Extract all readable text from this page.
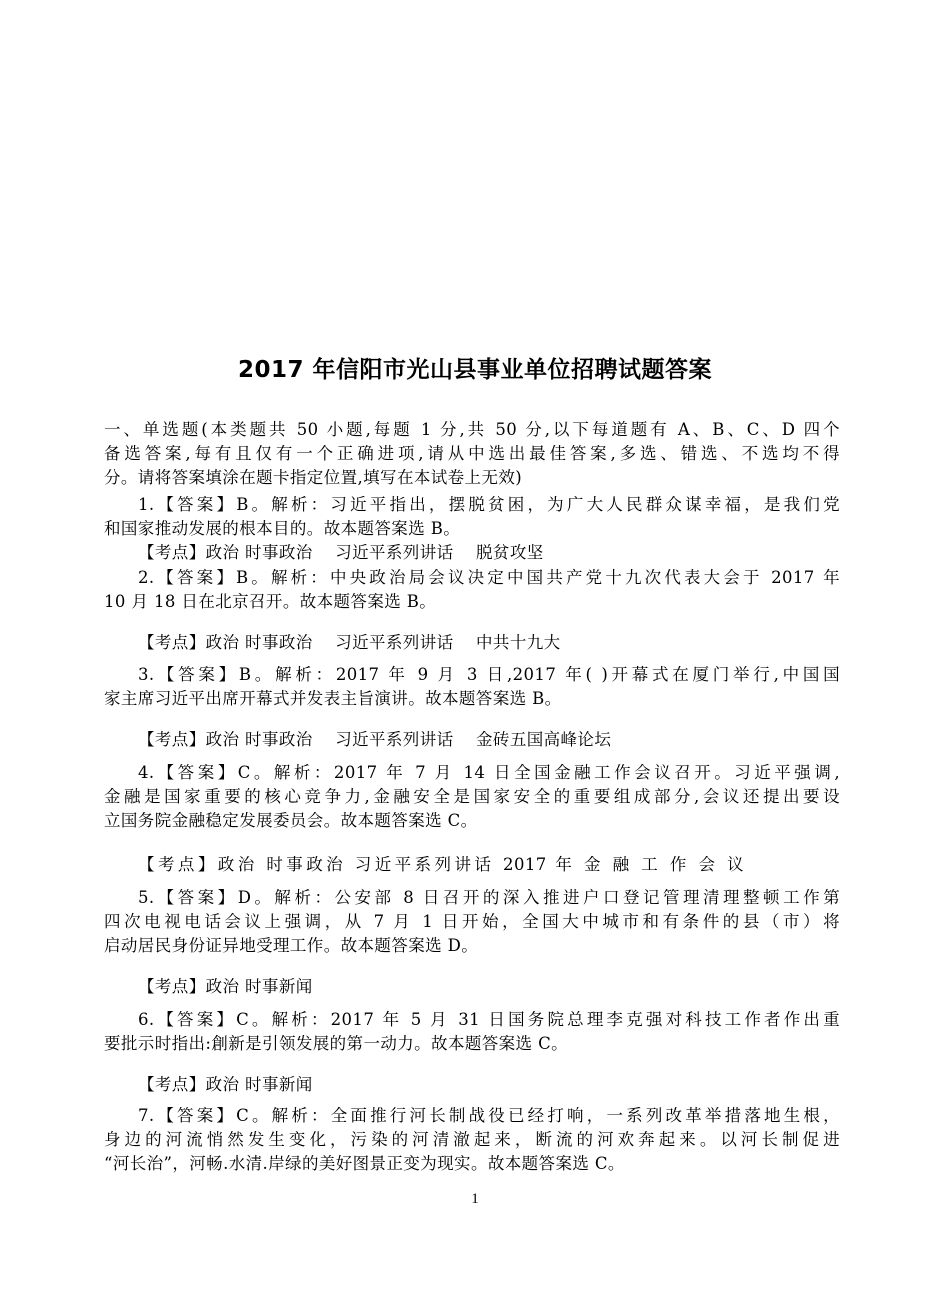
2017 年信阳市光山县事业单位招聘试题答案
一、单选题(本类题共 50 小题,每题 1 分,共 50 分,以下每道题有 A、B、C、D 四个
备选答案,每有且仅有一个正确进项,请从中选出最佳答案,多选、错选、不选均不得
分。请将答案填涂在题卡指定位置,填写在本试卷上无效)
1.【答案】B。解析：习近平指出，摆脱贫困，为广大人民群众谋幸福，是我们党
和国家推动发展的根本目的。故本题答案选 B。
【考点】政治 时事政治　 习近平系列讲话　 脱贫攻坚
2.【答案】B。解析：中央政治局会议决定中国共产党十九次代表大会于 2017 年
10 月 18 日在北京召开。故本题答案选 B。
【考点】政治 时事政治　 习近平系列讲话　 中共十九大
3.【答案】B。解析：2017 年 9 月 3 日,2017 年( )开幕式在厦门举行,中国国
家主席习近平出席开幕式并发表主旨演讲。故本题答案选 B。
【考点】政治 时事政治　 习近平系列讲话　 金砖五国高峰论坛
4.【答案】C。解析：2017 年 7 月 14 日全国金融工作会议召开。习近平强调,
金融是国家重要的核心竞争力,金融安全是国家安全的重要组成部分,会议还提出要设
立国务院金融稳定发展委员会。故本题答案选 C。
【考点】政治 时事政治 习近平系列讲话 2017 年 金 融 工 作 会 议
5.【答案】D。解析：公安部 8 日召开的深入推进户口登记管理清理整顿工作第
四次电视电话会议上强调，从 7 月 1 日开始，全国大中城市和有条件的县（市）将
启动居民身份证异地受理工作。故本题答案选 D。
【考点】政治 时事新闻
6.【答案】C。解析：2017 年 5 月 31 日国务院总理李克强对科技工作者作出重
要批示时指出:創新是引领发展的第一动力。故本题答案选 C。
【考点】政治 时事新闻
7.【答案】C。解析：全面推行河长制战役已经打响，一系列改革举措落地生根，
身边的河流悄然发生变化，污染的河清澈起来，断流的河欢奔起来。以河长制促进
“河长治”，河畅.水清.岸绿的美好图景正变为现实。故本题答案选 C。
1
